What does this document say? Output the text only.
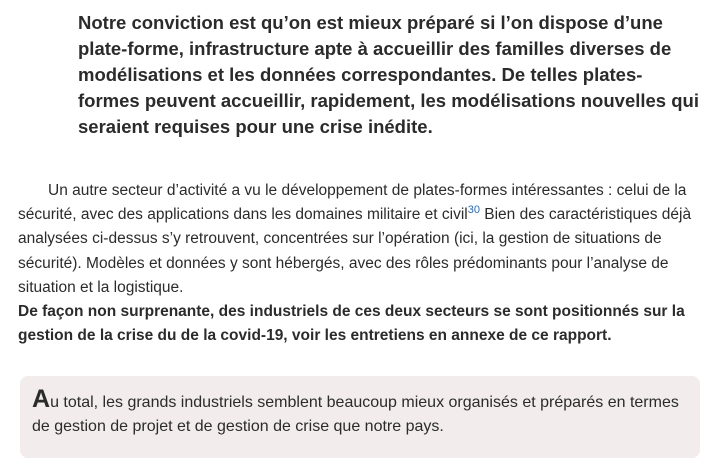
Notre conviction est qu’on est mieux préparé si l’on dispose d’une plate-forme, infrastructure apte à accueillir des familles diverses de modélisations et les données correspondantes. De telles plates-formes peuvent accueillir, rapidement, les modélisations nouvelles qui seraient requises pour une crise inédite.

Un autre secteur d’activité a vu le développement de plates-formes intéressantes : celui de la sécurité, avec des applications dans les domaines militaire et civil$^{30}$ Bien des caractéristiques déjà analysées ci-dessus s’y retrouvent, concentrées sur l’opération (ici, la gestion de situations de sécurité). Modèles et données y sont hébergés, avec des rôles prédominants pour l’analyse de situation et la logistique.

De façon non surprenante, des industriels de ces deux secteurs se sont positionnés sur la gestion de la crise du de la covid-19, voir les entretiens en annexe de ce rapport.

Au total, les grands industriels semblent beaucoup mieux organisés et préparés en termes de gestion de projet et de gestion de crise que notre pays.
